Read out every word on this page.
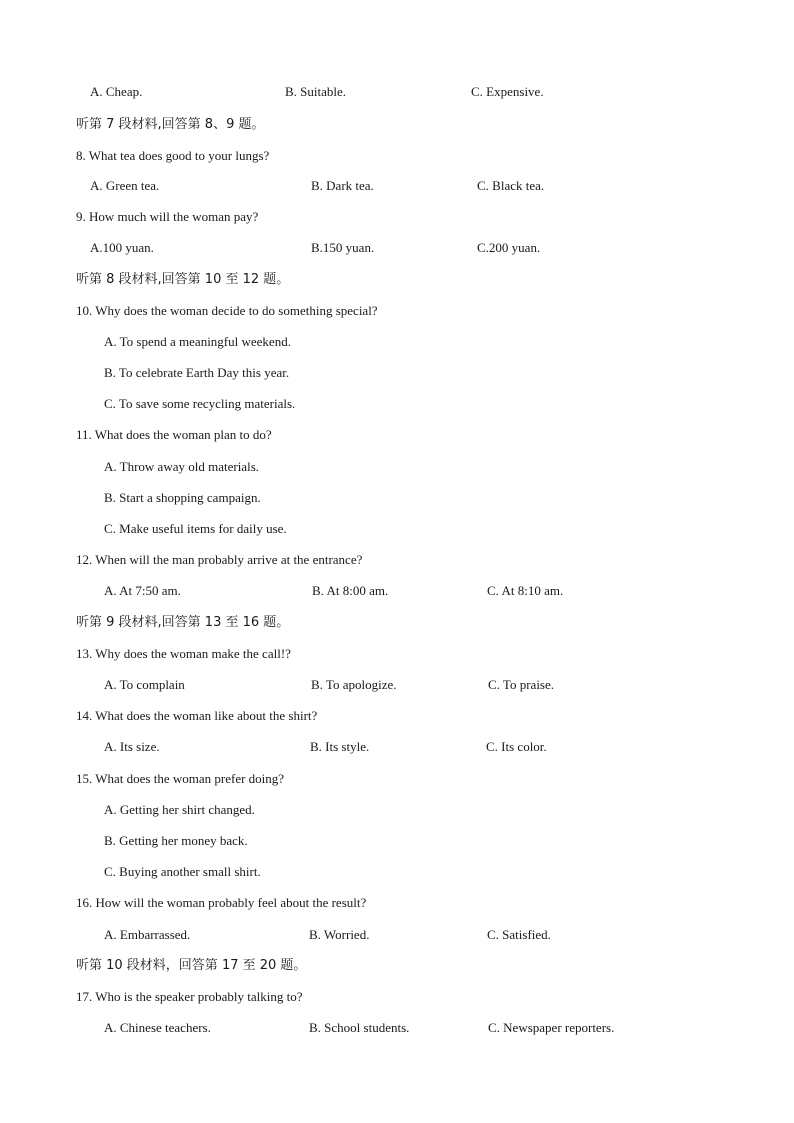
A. Cheap.	B. Suitable.	C. Expensive.
听第 7 段材料,回答第 8、9 题。
8. What tea does good to your lungs?
A. Green tea.	B. Dark tea.	C. Black tea.
9. How much will the woman pay?
A.100 yuan.	B.150 yuan.	C.200 yuan.
听第 8 段材料,回答第 10 至 12 题。
10. Why does the woman decide to do something special?
A. To spend a meaningful weekend.
B. To celebrate Earth Day this year.
C. To save some recycling materials.
11. What does the woman plan to do?
A. Throw away old materials.
B. Start a shopping campaign.
C. Make useful items for daily use.
12. When will the man probably arrive at the entrance?
A. At 7:50 am.	B. At 8:00 am.	C. At 8:10 am.
听第 9 段材料,回答第 13 至 16 题。
13. Why does the woman make the call!?
A. To complain	B. To apologize.	C. To praise.
14. What does the woman like about the shirt?
A. Its size.	B. Its style.	C. Its color.
15. What does the woman prefer doing?
A. Getting her shirt changed.
B. Getting her money back.
C. Buying another small shirt.
16. How will the woman probably feel about the result?
A. Embarrassed.	B. Worried.	C. Satisfied.
听第 10 段材料，回答第 17 至 20 题。
17. Who is the speaker probably talking to?
A. Chinese teachers.	B. School students.	C. Newspaper reporters.
